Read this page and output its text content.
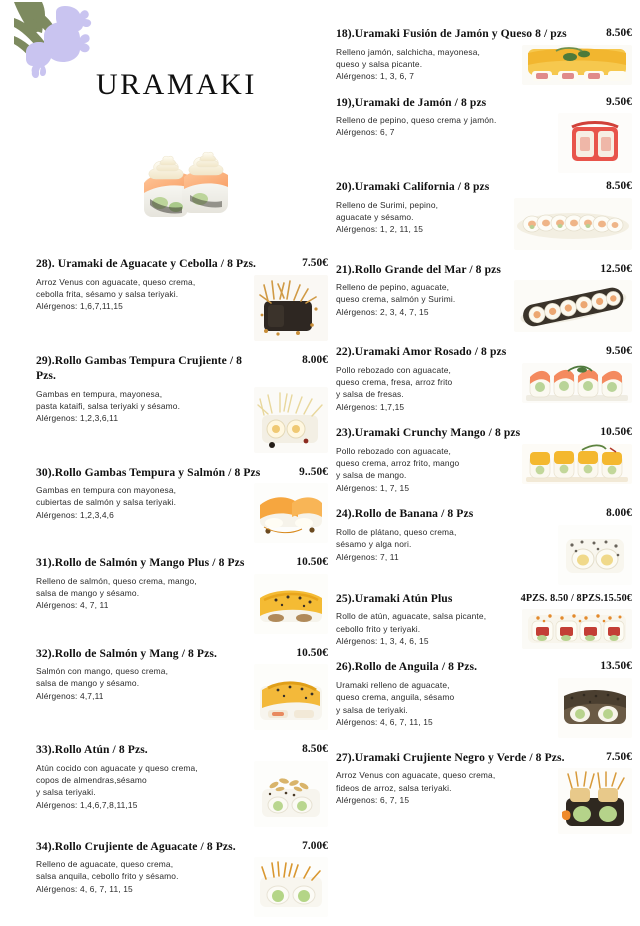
URAMAKI
28). Uramaki de Aguacate y Cebolla / 8 Pzs.	7.50€
Arroz Venus con aguacate, queso crema,
cebolla frita, sésamo y salsa teriyaki.
Alérgenos: 1,6,7,11,15
29).Rollo Gambas Tempura Crujiente / 8 Pzs.
8.00€
Gambas en tempura, mayonesa,
pasta kataifi, salsa teriyaki y sésamo.
Alérgenos: 1,2,3,6,11
30).Rollo Gambas Tempura y Salmón / 8 Pzs	9..50€
Gambas en tempura con mayonesa,
cubiertas de salmón y salsa teriyaki.
Alérgenos: 1,2,3,4,6
31).Rollo de Salmón y Mango Plus / 8 Pzs	10.50€
Relleno de salmón, queso crema, mango,
salsa de mango y sésamo.
Alérgenos: 4, 7, 11
32).Rollo de Salmón y Mang / 8 Pzs.	10.50€
Salmón con mango, queso crema,
salsa de mango y sésamo.
Alérgenos: 4,7,11
33).Rollo Atún / 8 Pzs.	8.50€
Atún cocido con aguacate y queso crema,
copos de almendras,sésamo
y salsa teriyaki.
Alérgenos: 1,4,6,7,8,11,15
34).Rollo Crujiente de Aguacate / 8 Pzs.	7.00€
Relleno de aguacate, queso crema,
salsa anquila, cebollo frito y sésamo.
Alérgenos: 4, 6, 7, 11, 15
18).Uramaki Fusión de Jamón y Queso 8 / pzs	8.50€
Relleno jamón, salchicha, mayonesa,
queso y salsa picante.
Alérgenos: 1, 3, 6, 7
19),Uramaki de Jamón / 8 pzs	9.50€
Relleno de pepino, queso crema y jamón.
Alérgenos: 6, 7
20).Uramaki California / 8 pzs	8.50€
Relleno de Surimi, pepino,
aguacate y sésamo.
Alérgenos: 1, 2, 11, 15
21).Rollo Grande del Mar / 8 pzs	12.50€
Relleno de pepino, aguacate,
queso crema, salmón y Surimi.
Alérgenos: 2, 3, 4, 7, 15
22).Uramaki Amor Rosado / 8 pzs	9.50€
Pollo rebozado con aguacate,
queso crema, fresa, arroz frito
y salsa de fresas.
Alérgenos: 1,7,15
23).Uramaki Crunchy Mango / 8 pzs	10.50€
Pollo rebozado con aguacate,
queso crema, arroz frito, mango
y salsa de mango.
Alérgenos: 1, 7, 15
24).Rollo de Banana / 8 Pzs	8.00€
Rollo de plátano, queso crema,
sésamo y alga nori.
Alérgenos: 7, 11
25).Uramaki Atún Plus	4PZS. 8.50 / 8PZS.15.50€
Rollo de atún, aguacate, salsa picante,
cebollo frito y teriyaki.
Alérgenos: 1, 3, 4, 6, 15
26).Rollo de Anguila / 8 Pzs.	13.50€
Uramaki relleno de aguacate,
queso crema, anguila, sésamo
y salsa de teriyaki.
Alérgenos: 4, 6, 7, 11, 15
27).Uramaki Crujiente Negro y Verde / 8 Pzs.	7.50€
Arroz Venus con aguacate, queso crema,
fideos de arroz, salsa teriyaki.
Alérgenos: 6, 7, 15
